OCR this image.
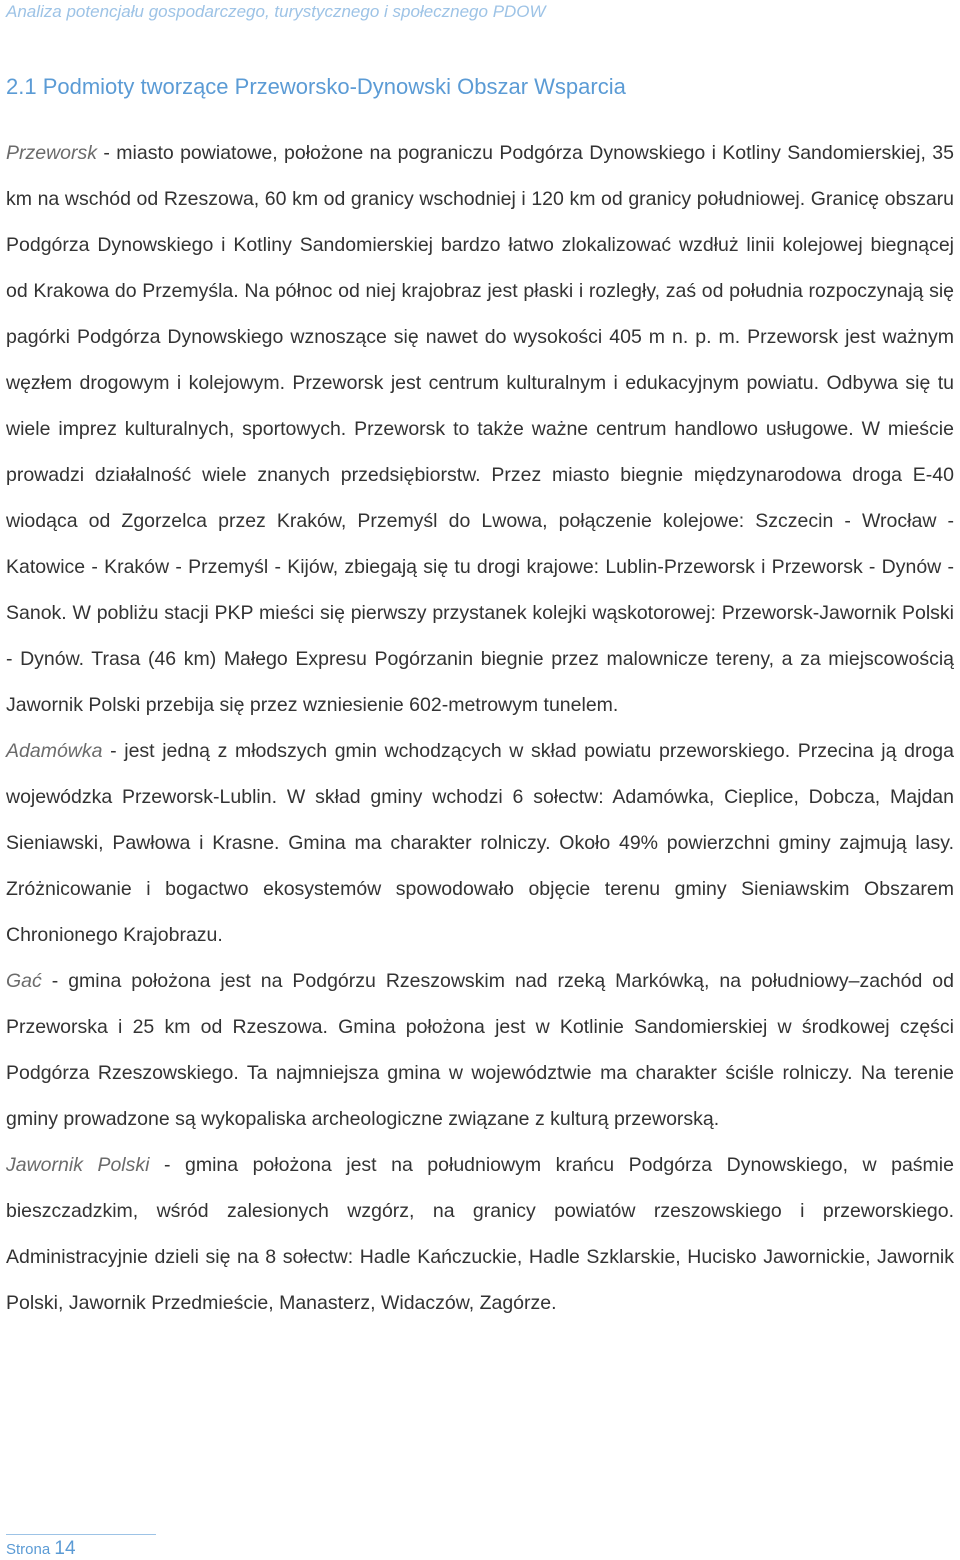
Analiza potencjału gospodarczego, turystycznego i społecznego PDOW
2.1 Podmioty tworzące Przeworsko-Dynowski Obszar Wsparcia

Przeworsk - miasto powiatowe, położone na pograniczu Podgórza Dynowskiego i Kotliny Sandomierskiej, 35 km na wschód od Rzeszowa, 60 km od granicy wschodniej i 120 km od granicy południowej. Granicę obszaru Podgórza Dynowskiego i Kotliny Sandomierskiej bardzo łatwo zlokalizować wzdłuż linii kolejowej biegnącej od Krakowa do Przemyśla. Na północ od niej krajobraz jest płaski i rozległy, zaś od południa rozpoczynają się pagórki Podgórza Dynowskiego wznoszące się nawet do wysokości 405 m n. p. m. Przeworsk jest ważnym węzłem drogowym i kolejowym. Przeworsk jest centrum kulturalnym i edukacyjnym powiatu. Odbywa się tu wiele imprez kulturalnych, sportowych. Przeworsk to także ważne centrum handlowo usługowe. W mieście prowadzi działalność wiele znanych przedsiębiorstw. Przez miasto biegnie międzynarodowa droga E-40 wiodąca od Zgorzelca przez Kraków, Przemyśl do Lwowa, połączenie kolejowe: Szczecin - Wrocław - Katowice - Kraków - Przemyśl - Kijów, zbiegają się tu drogi krajowe: Lublin-Przeworsk i Przeworsk - Dynów - Sanok. W pobliżu stacji PKP mieści się pierwszy przystanek kolejki wąskotorowej: Przeworsk-Jawornik Polski - Dynów. Trasa (46 km) Małego Expresu Pogórzanin biegnie przez malownicze tereny, a za miejscowością Jawornik Polski przebija się przez wzniesienie 602-metrowym tunelem.

Adamówka - jest jedną z młodszych gmin wchodzących w skład powiatu przeworskiego. Przecina ją droga wojewódzka Przeworsk-Lublin. W skład gminy wchodzi 6 sołectw: Adamówka, Cieplice, Dobcza, Majdan Sieniawski, Pawłowa i Krasne. Gmina ma charakter rolniczy. Około 49% powierzchni gminy zajmują lasy. Zróżnicowanie i bogactwo ekosystemów spowodowało objęcie terenu gminy Sieniawskim Obszarem Chronionego Krajobrazu.

Gać - gmina położona jest na Podgórzu Rzeszowskim nad rzeką Markówką, na południowy–zachód od Przeworska i 25 km od Rzeszowa. Gmina położona jest w Kotlinie Sandomierskiej w środkowej części Podgórza Rzeszowskiego. Ta najmniejsza gmina w województwie ma charakter ściśle rolniczy. Na terenie gminy prowadzone są wykopaliska archeologiczne związane z kulturą przeworską.

Jawornik Polski - gmina położona jest na południowym krańcu Podgórza Dynowskiego, w paśmie bieszczadzkim, wśród zalesionych wzgórz, na granicy powiatów rzeszowskiego i przeworskiego. Administracyjnie dzieli się na 8 sołectw: Hadle Kańczuckie, Hadle Szklarskie, Hucisko Jawornickie, Jawornik Polski, Jawornik Przedmieście, Manasterz, Widaczów, Zagórze.

Strona 14
